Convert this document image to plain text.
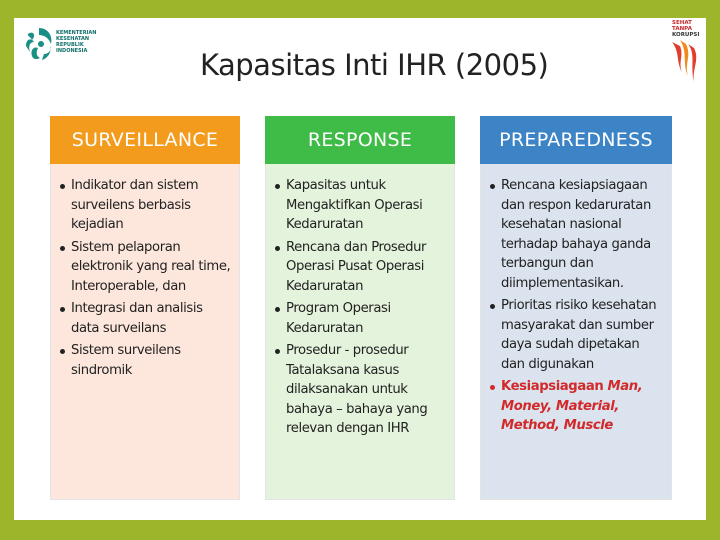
KEMENTERIAN
KESEHATAN
REPUBLIK
INDONESIA
SEHAT
TANPA
KORUPSI
Kapasitas Inti IHR (2005)
SURVEILLANCE
Indikator dan sistem surveilens berbasis kejadian
Sistem pelaporan elektronik yang real time, Interoperable, dan
Integrasi dan analisis data surveilans
Sistem surveilens sindromik
RESPONSE
Kapasitas untuk Mengaktifkan Operasi Kedaruratan
Rencana dan Prosedur Operasi Pusat Operasi Kedaruratan
Program Operasi Kedaruratan
Prosedur - prosedur Tatalaksana kasus dilaksanakan untuk bahaya – bahaya yang relevan dengan IHR
PREPAREDNESS
Rencana kesiapsiagaan dan respon kedaruratan kesehatan nasional terhadap bahaya ganda terbangun dan diimplementasikan.
Prioritas risiko kesehatan masyarakat dan sumber daya sudah dipetakan dan digunakan
Kesiapsiagaan Man, Money, Material, Method, Muscle
